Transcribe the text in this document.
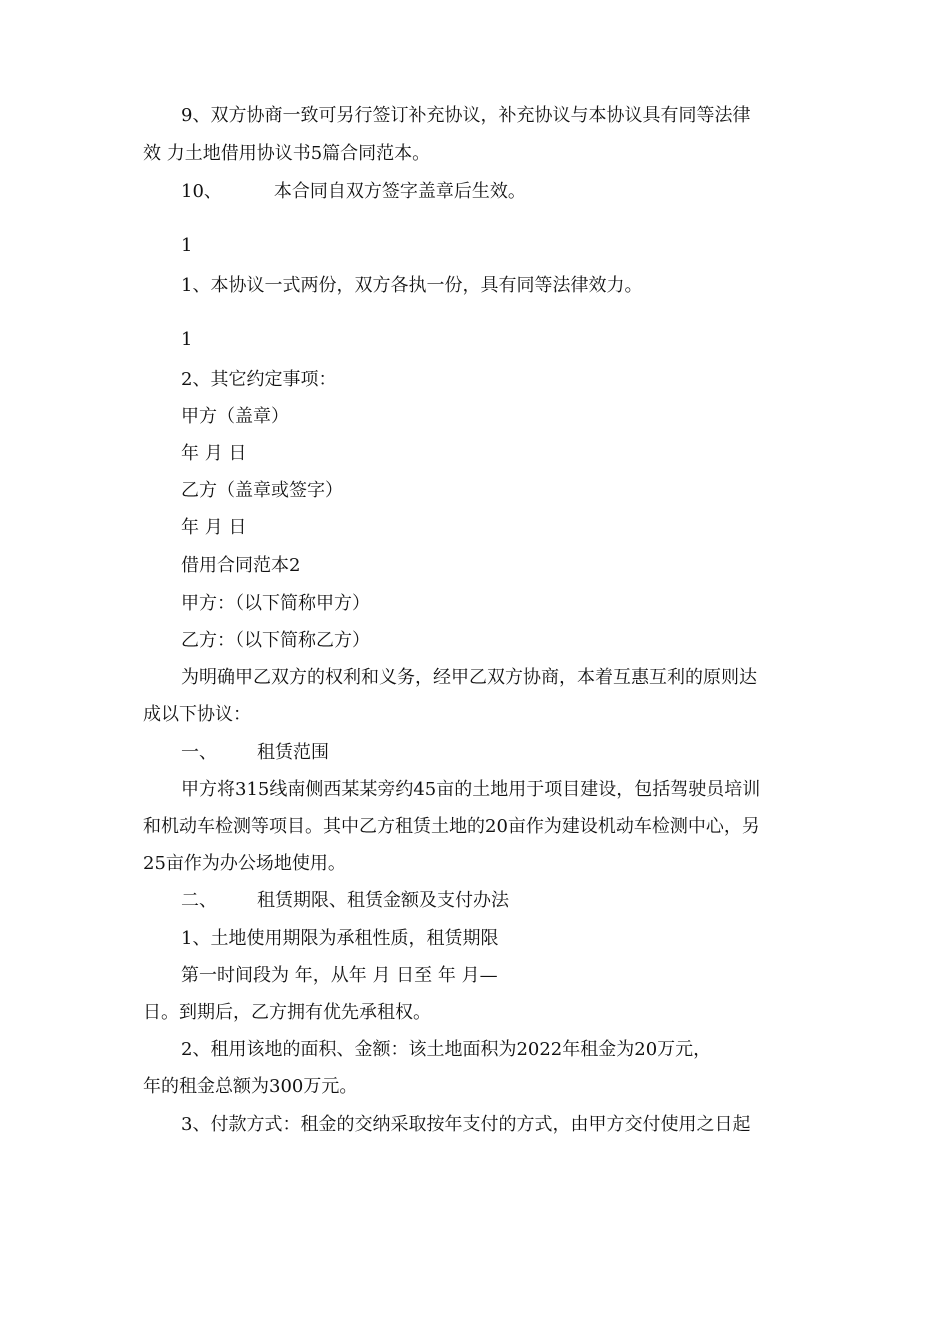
9、双方协商一致可另行签订补充协议，补充协议与本协议具有同等法律

效 力土地借用协议书5篇合同范本。

10、	本合同自双方签字盖章后生效。

1

1、本协议一式两份，双方各执一份，具有同等法律效力。

1

2、其它约定事项：

甲方（盖章）

年 月 日

乙方（盖章或签字）

年 月 日

借用合同范本2

甲方：（以下简称甲方）

乙方：（以下简称乙方）

为明确甲乙双方的权利和义务，经甲乙双方协商，本着互惠互利的原则达

成以下协议：

一、 租赁范围

甲方将315线南侧西某某旁约45亩的土地用于项目建设，包括驾驶员培训

和机动车检测等项目。其中乙方租赁土地的20亩作为建设机动车检测中心，另

25亩作为办公场地使用。

二、 租赁期限、租赁金额及支付办法

1、土地使用期限为承租性质，租赁期限

第一时间段为 年，从年 月 日至 年 月—

日。到期后，乙方拥有优先承租权。

2、租用该地的面积、金额：该土地面积为2022年租金为20万元，

年的租金总额为300万元。

3、付款方式：租金的交纳采取按年支付的方式，由甲方交付使用之日起
